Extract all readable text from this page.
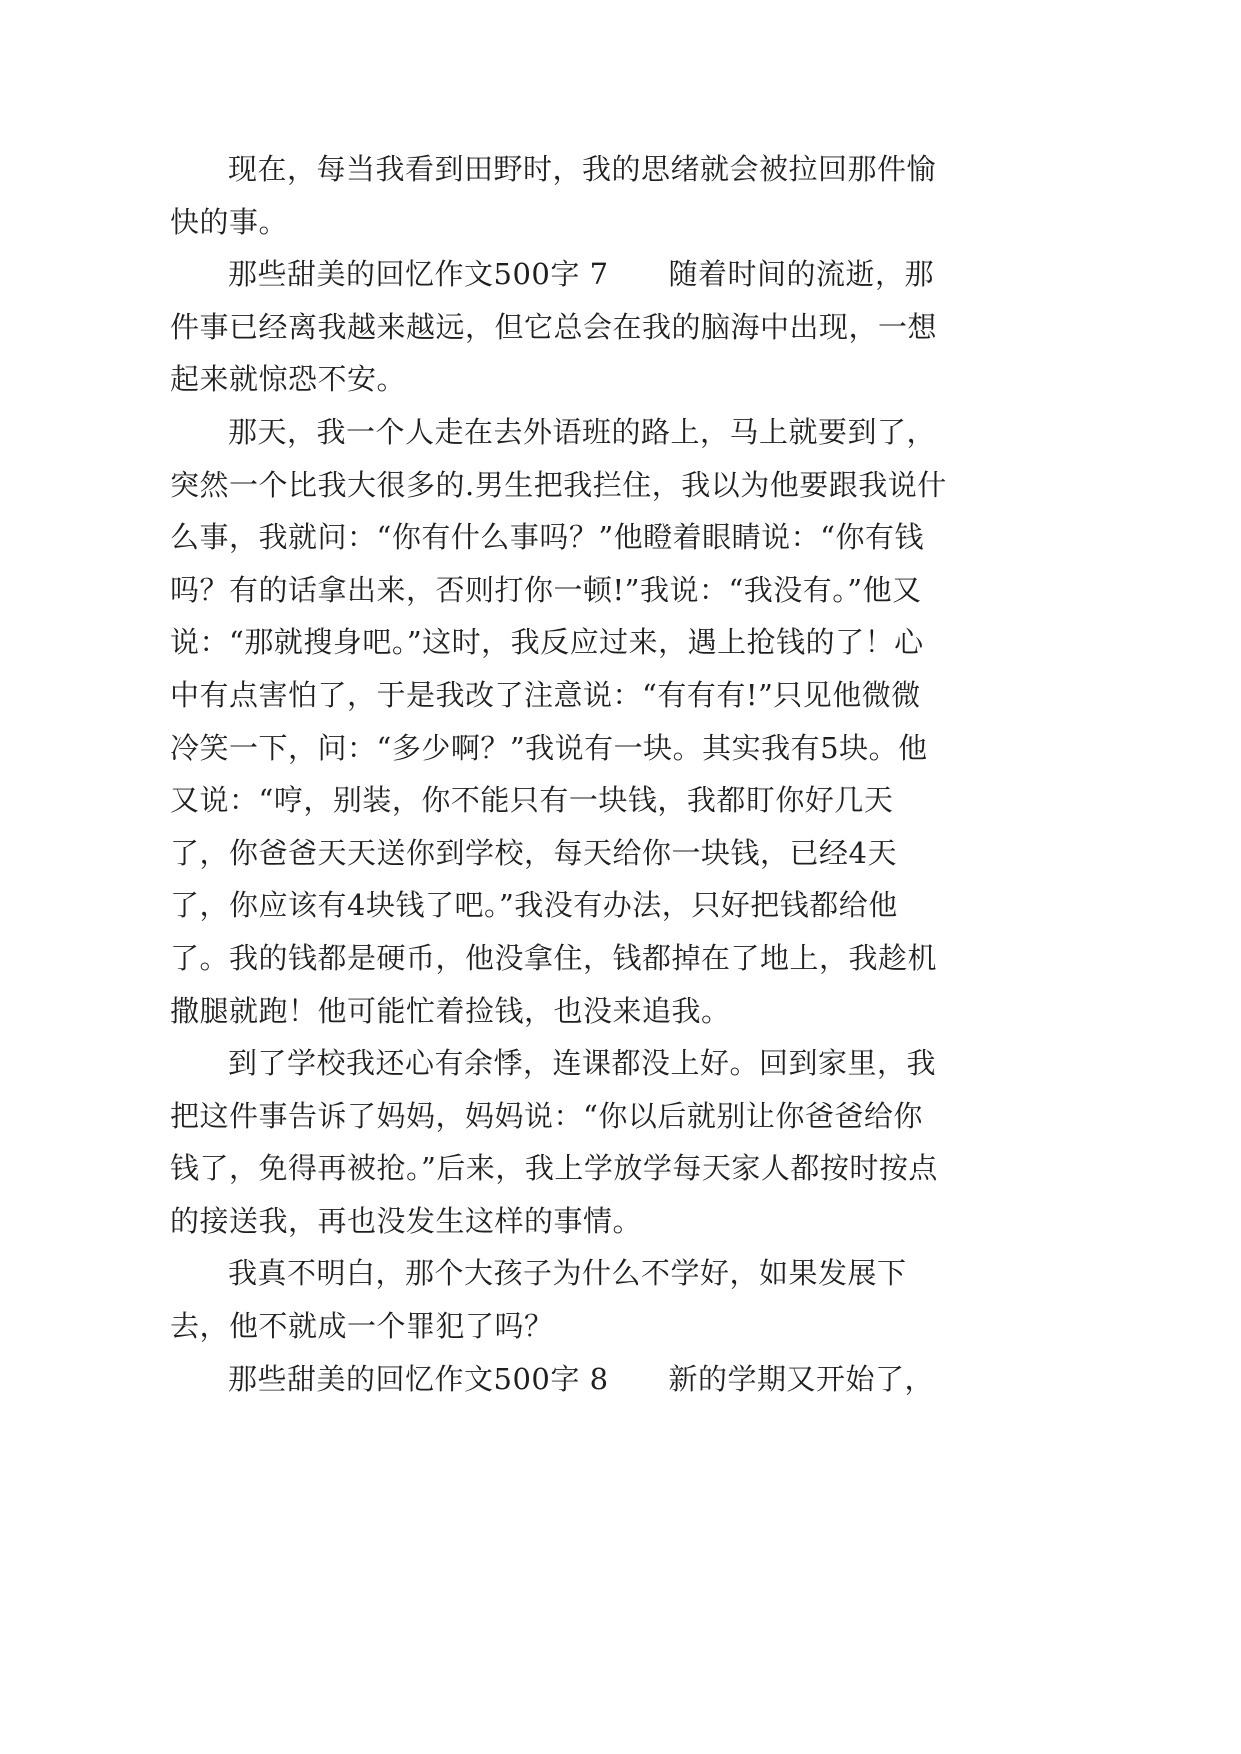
现在，每当我看到田野时，我的思绪就会被拉回那件愉快的事。

那些甜美的回忆作文500字 7 随着时间的流逝，那件事已经离我越来越远，但它总会在我的脑海中出现，一想起来就惊恐不安。

那天，我一个人走在去外语班的路上，马上就要到了，突然一个比我大很多的.男生把我拦住，我以为他要跟我说什么事，我就问：“你有什么事吗？”他瞪着眼睛说：“你有钱吗？有的话拿出来，否则打你一顿!”我说：“我没有。”他又说：“那就搜身吧。”这时，我反应过来，遇上抢钱的了！心中有点害怕了，于是我改了注意说：“有有有!”只见他微微冷笑一下，问：“多少啊？”我说有一块。其实我有5块。他又说：“哼，别装，你不能只有一块钱，我都盯你好几天了，你爸爸天天送你到学校，每天给你一块钱，已经4天了，你应该有4块钱了吧。”我没有办法，只好把钱都给他了。我的钱都是硬币，他没拿住，钱都掉在了地上，我趁机撒腿就跑！他可能忙着捡钱，也没来追我。

到了学校我还心有余悸，连课都没上好。回到家里，我把这件事告诉了妈妈，妈妈说：“你以后就别让你爸爸给你钱了，免得再被抢。”后来，我上学放学每天家人都按时按点的接送我，再也没发生这样的事情。

我真不明白，那个大孩子为什么不学好，如果发展下去，他不就成一个罪犯了吗？

那些甜美的回忆作文500字 8 新的学期又开始了，
